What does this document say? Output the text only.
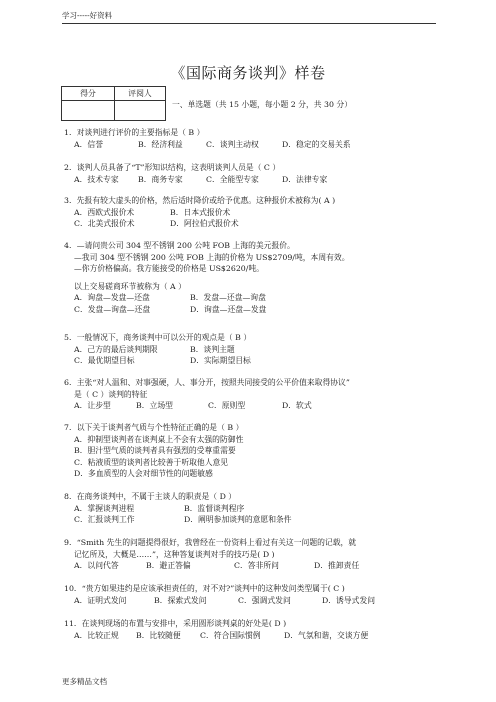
学习-----好资料
《国际商务谈判》样卷
得分	评阅人

一、单选题（共 15 小题，每小题 2 分，共 30 分）
1．对谈判进行评价的主要指标是（ B ）
A．信誉	B．经济利益	C．谈判主动权	D．稳定的交易关系
2．谈判人员具备了“T”形知识结构，这表明谈判人员是（ C ）
A．技术专家	B．商务专家	C．全能型专家	D．法律专家
3．先报有较大虚头的价格，然后适时降价或给予优惠。这种报价术被称为( A )
A．西欧式报价术	B．日本式报价术
C．北美式报价术	D．阿拉伯式报价术
4．—请问贵公司 304 型不锈钢 200 公吨 FOB 上海的美元报价。
—我司 304 型不锈钢 200 公吨 FOB 上海的价格为 US$2709/吨，本周有效。
—你方价格偏高。我方能接受的价格是 US$2620/吨。
以上交易磋商环节被称为（ A ）
A．询盘—发盘—还盘	B．发盘—还盘—询盘
C．发盘—询盘—还盘	D．询盘—还盘—发盘
5．一般情况下，商务谈判中可以公开的观点是（ B ）
A．己方的最后谈判期限	B．谈判主题
C．最优期望目标	D．实际期望目标
6．主张“对人温和、对事强硬，人、事分开，按照共同接受的公平价值来取得协议”
是（ C ）谈判的特征
A．让步型	B．立场型	C．原则型	D．软式
7．以下关于谈判者气质与个性特征正确的是（ B ）
A．抑制型谈判者在谈判桌上不会有太强的防御性
B．胆汁型气质的谈判者具有强烈的受尊重需要
C．粘液质型的谈判者比较善于听取他人意见
D．多血质型的人会对细节性的问题敏感
8．在商务谈判中，不属于主谈人的职责是（ D ）
A．掌握谈判进程	B．监督谈判程序
C．汇报谈判工作	D．阐明参加谈判的意愿和条件
9．“Smith 先生的问题提得很好，我曾经在一份资料上看过有关这一问题的记载，就
记忆所及，大概是……”，这种答复谈判对手的技巧是( D )
A．以问代答	B．避正答偏	C．答非所问	D．推卸责任
10．“贵方如果违约是应该承担责任的，对不对?”谈判中的这种发问类型属于( C )
A．证明式发问	B．探索式发问	C．强调式发问	D．诱导式发问
11．在谈判现场的布置与安排中，采用圆形谈判桌的好处是( D )
A．比较正规	B．比较随便	C．符合国际惯例	D．气氛和谐，交谈方便
更多精品文档
